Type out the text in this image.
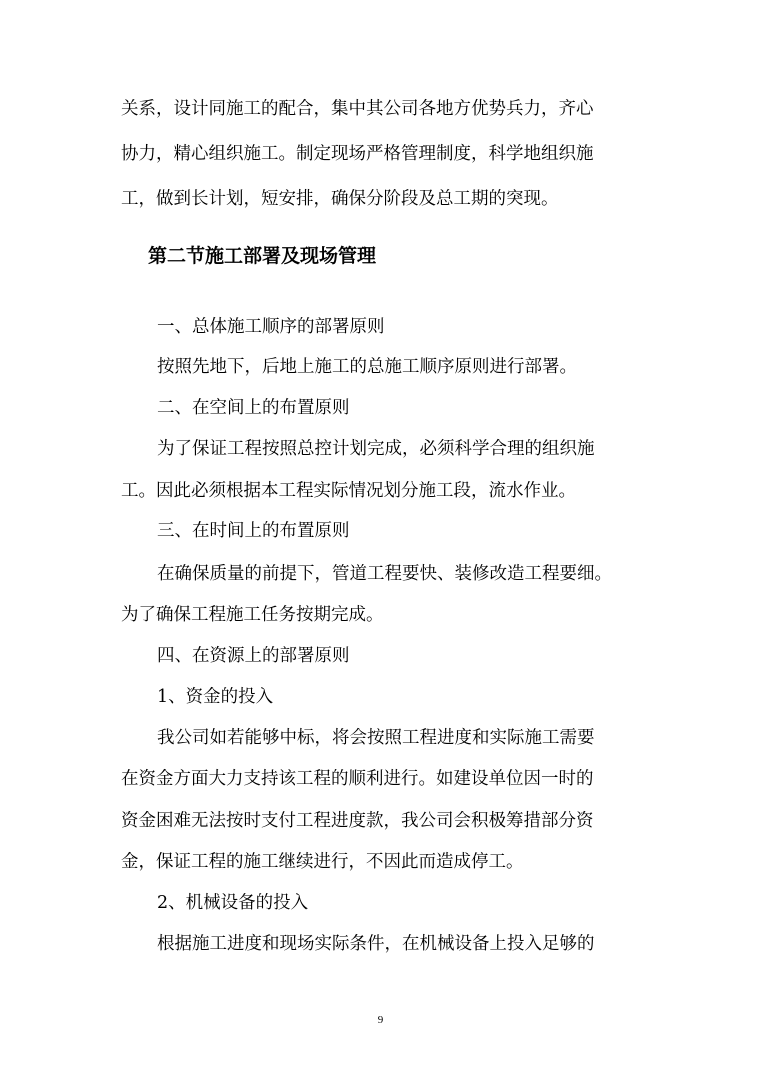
关系，设计同施工的配合，集中其公司各地方优势兵力，齐心
协力，精心组织施工。制定现场严格管理制度，科学地组织施
工，做到长计划，短安排，确保分阶段及总工期的突现。
第二节施工部署及现场管理
一、总体施工顺序的部署原则
按照先地下，后地上施工的总施工顺序原则进行部署。
二、在空间上的布置原则
为了保证工程按照总控计划完成，必须科学合理的组织施
工。因此必须根据本工程实际情况划分施工段，流水作业。
三、在时间上的布置原则
在确保质量的前提下，管道工程要快、装修改造工程要细。
为了确保工程施工任务按期完成。
四、在资源上的部署原则
1、资金的投入
我公司如若能够中标，将会按照工程进度和实际施工需要
在资金方面大力支持该工程的顺利进行。如建设单位因一时的
资金困难无法按时支付工程进度款，我公司会积极筹措部分资
金，保证工程的施工继续进行，不因此而造成停工。
2、机械设备的投入
根据施工进度和现场实际条件，在机械设备上投入足够的
9
